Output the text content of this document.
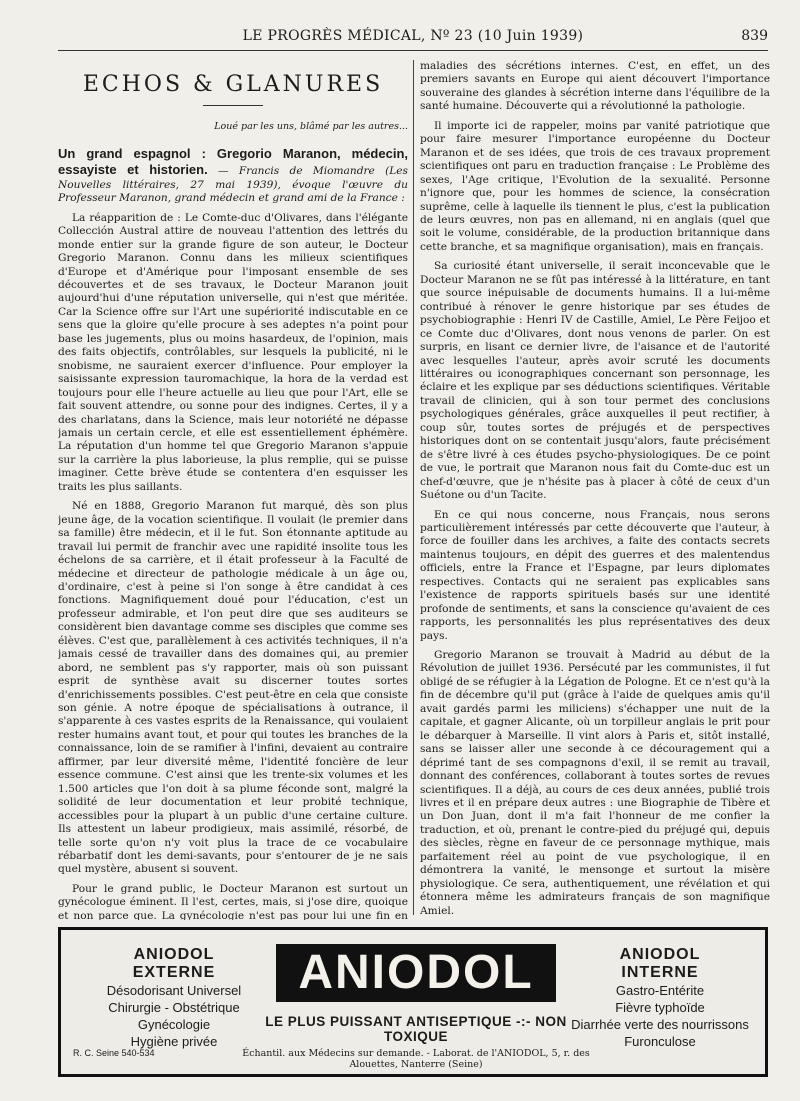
LE PROGRÈS MÉDICAL, Nº 23 (10 Juin 1939)	839
ECHOS & GLANURES
Loué par les uns, blâmé par les autres...

Un grand espagnol : Gregorio Maranon, médecin, essayiste et historien. — Francis de Miomandre (Les Nouvelles littéraires, 27 mai 1939), évoque l'œuvre du Professeur Maranon, grand médecin et grand ami de la France :

La réapparition de : Le Comte-duc d'Olivares, dans l'élégante Collección Austral attire de nouveau l'attention des lettrés du monde entier sur la grande figure de son auteur, le Docteur Gregorio Maranon. Connu dans les milieux scientifiques d'Europe et d'Amérique pour l'imposant ensemble de ses découvertes et de ses travaux, le Docteur Maranon jouit aujourd'hui d'une réputation universelle, qui n'est que méritée. Car la Science offre sur l'Art une supériorité indiscutable en ce sens que la gloire qu'elle procure à ses adeptes n'a point pour base les jugements, plus ou moins hasardeux, de l'opinion, mais des faits objectifs, contrôlables, sur lesquels la publicité, ni le snobisme, ne sauraient exercer d'influence. Pour employer la saisissante expression tauromachique, la hora de la verdad est toujours pour elle l'heure actuelle au lieu que pour l'Art, elle se fait souvent attendre, ou sonne pour des indignes. Certes, il y a des charlatans, dans la Science, mais leur notoriété ne dépasse jamais un certain cercle, et elle est essentiellement éphémère. La réputation d'un homme tel que Gregorio Maranon s'appuie sur la carrière la plus laborieuse, la plus remplie, qui se puisse imaginer. Cette brève étude se contentera d'en esquisser les traits les plus saillants.

Né en 1888, Gregorio Maranon fut marqué, dès son plus jeune âge, de la vocation scientifique. Il voulait (le premier dans sa famille) être médecin, et il le fut. Son étonnante aptitude au travail lui permit de franchir avec une rapidité insolite tous les échelons de sa carrière, et il était professeur à la Faculté de médecine et directeur de pathologie médicale à un âge ou, d'ordinaire, c'est à peine si l'on songe à être candidat à ces fonctions. Magnifiquement doué pour l'éducation, c'est un professeur admirable, et l'on peut dire que ses auditeurs se considèrent bien davantage comme ses disciples que comme ses élèves. C'est que, parallèlement à ces activités techniques, il n'a jamais cessé de travailler dans des domaines qui, au premier abord, ne semblent pas s'y rapporter, mais où son puissant esprit de synthèse avait su discerner toutes sortes d'enrichissements possibles. C'est peut-être en cela que consiste son génie. A notre époque de spécialisations à outrance, il s'apparente à ces vastes esprits de la Renaissance, qui voulaient rester humains avant tout, et pour qui toutes les branches de la connaissance, loin de se ramifier à l'infini, devaient au contraire affirmer, par leur diversité même, l'identité foncière de leur essence commune. C'est ainsi que les trente-six volumes et les 1.500 articles que l'on doit à sa plume féconde sont, malgré la solidité de leur documentation et leur probité technique, accessibles pour la plupart à un public d'une certaine culture. Ils attestent un labeur prodigieux, mais assimilé, résorbé, de telle sorte qu'on n'y voit plus la trace de ce vocabulaire rébarbatif dont les demi-savants, pour s'entourer de je ne sais quel mystère, abusent si souvent.

Pour le grand public, le Docteur Maranon est surtout un gynécologue éminent. Il l'est, certes, mais, si j'ose dire, quoique et non parce que. La gynécologie n'est pas pour lui une fin en

maladies des sécrétions internes. C'est, en effet, un des premiers savants en Europe qui aient découvert l'importance souveraine des glandes à sécrétion interne dans l'équilibre de la santé humaine. Découverte qui a révolutionné la pathologie.

Il importe ici de rappeler, moins par vanité patriotique que pour faire mesurer l'importance européenne du Docteur Maranon et de ses idées, que trois de ces travaux proprement scientifiques ont paru en traduction française : Le Problème des sexes, l'Age critique, l'Evolution de la sexualité. Personne n'ignore que, pour les hommes de science, la consécration suprême, celle à laquelle ils tiennent le plus, c'est la publication de leurs œuvres, non pas en allemand, ni en anglais (quel que soit le volume, considérable, de la production britannique dans cette branche, et sa magnifique organisation), mais en français.

Sa curiosité étant universelle, il serait inconcevable que le Docteur Maranon ne se fût pas intéressé à la littérature, en tant que source inépuisable de documents humains. Il a lui-même contribué à rénover le genre historique par ses études de psychobiographie : Henri IV de Castille, Amiel, Le Père Feijoo et ce Comte duc d'Olivares, dont nous venons de parler. On est surpris, en lisant ce dernier livre, de l'aisance et de l'autorité avec lesquelles l'auteur, après avoir scruté les documents littéraires ou iconographiques concernant son personnage, les éclaire et les explique par ses déductions scientifiques. Véritable travail de clinicien, qui à son tour permet des conclusions psychologiques générales, grâce auxquelles il peut rectifier, à coup sûr, toutes sortes de préjugés et de perspectives historiques dont on se contentait jusqu'alors, faute précisément de s'être livré à ces études psycho-physiologiques. De ce point de vue, le portrait que Maranon nous fait du Comte-duc est un chef-d'œuvre, que je n'hésite pas à placer à côté de ceux d'un Suétone ou d'un Tacite.

En ce qui nous concerne, nous Français, nous serons particulièrement intéressés par cette découverte que l'auteur, à force de fouiller dans les archives, a faite des contacts secrets maintenus toujours, en dépit des guerres et des malentendus officiels, entre la France et l'Espagne, par leurs diplomates respectives. Contacts qui ne seraient pas explicables sans l'existence de rapports spirituels basés sur une identité profonde de sentiments, et sans la conscience qu'avaient de ces rapports, les personnalités les plus représentatives des deux pays.

Gregorio Maranon se trouvait à Madrid au début de la Révolution de juillet 1936. Persécuté par les communistes, il fut obligé de se réfugier à la Légation de Pologne. Et ce n'est qu'à la fin de décembre qu'il put (grâce à l'aide de quelques amis qu'il avait gardés parmi les miliciens) s'échapper une nuit de la capitale, et gagner Alicante, où un torpilleur anglais le prit pour le débarquer à Marseille. Il vint alors à Paris et, sitôt installé, sans se laisser aller une seconde à ce découragement qui a déprimé tant de ses compagnons d'exil, il se remit au travail, donnant des conférences, collaborant à toutes sortes de revues scientifiques. Il a déjà, au cours de ces deux années, publié trois livres et il en prépare deux autres : une Biographie de Tibère et un Don Juan, dont il m'a fait l'honneur de me confier la traduction, et où, prenant le contre-pied du préjugé qui, depuis des siècles, règne en faveur de ce personnage mythique, mais parfaitement réel au point de vue psychologique, il en démontrera la vanité, le mensonge et surtout la misère physiologique. Ce sera, authentiquement, une révélation et qui étonnera même les admirateurs français de son magnifique Amiel.

ANIODOL
EXTERNE
Désodorisant Universel
Chirurgie - Obstétrique
Gynécologie
Hygiène privée
ANIODOL
LE PLUS PUISSANT ANTISEPTIQUE -:- NON TOXIQUE
Échantil. aux Médecins sur demande. - Laborat. de l'ANIODOL, 5, r. des Alouettes, Nanterre (Seine)
R. C. Seine 540-534
ANIODOL
INTERNE
Gastro-Entérite
Fièvre typhoïde
Diarrhée verte des nourrissons
Furonculose
